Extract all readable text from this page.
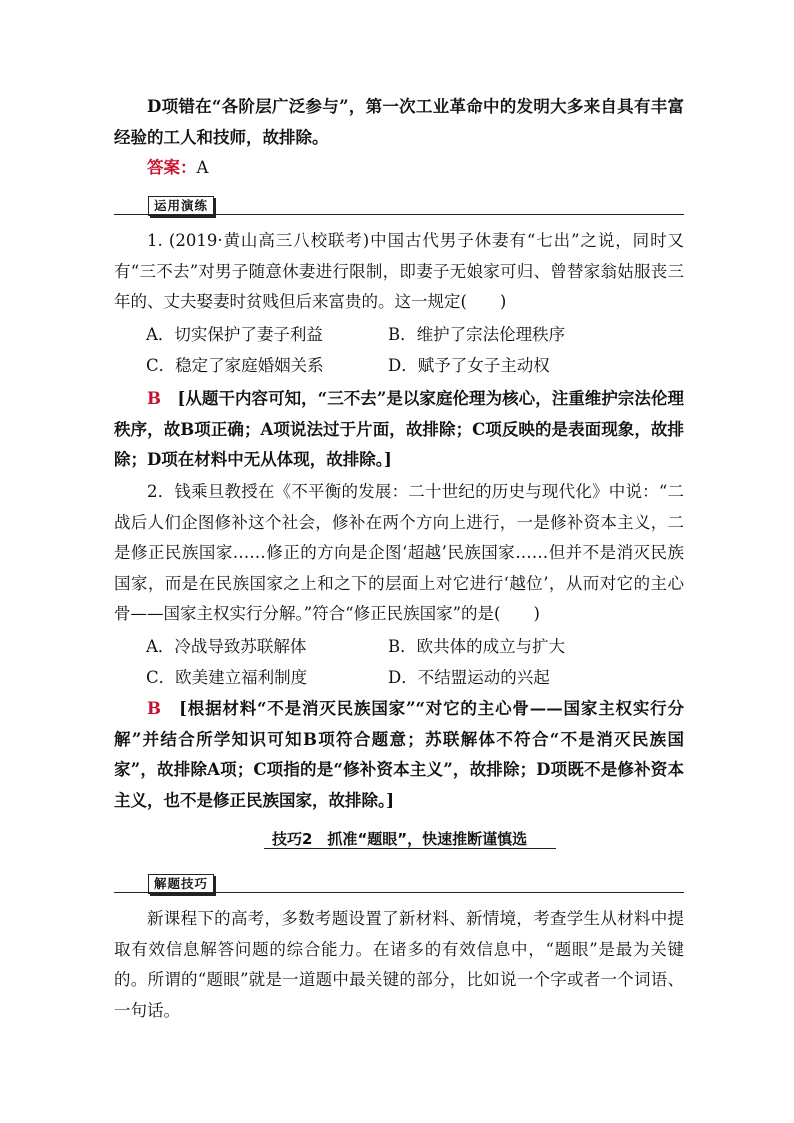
D项错在“各阶层广泛参与”，第一次工业革命中的发明大多来自具有丰富经验的工人和技师，故排除。

答案：A

运用演练

1. (2019·黄山高三八校联考)中国古代男子休妻有“七出”之说，同时又有“三不去”对男子随意休妻进行限制，即妻子无娘家可归、曾替家翁姑服丧三年的、丈夫娶妻时贫贱但后来富贵的。这一规定(　　)

A．切实保护了妻子利益	B．维护了宗法伦理秩序
C．稳定了家庭婚姻关系	D．赋予了女子主动权

B　 [从题干内容可知，“三不去”是以家庭伦理为核心，注重维护宗法伦理秩序，故B项正确；A项说法过于片面，故排除；C项反映的是表面现象，故排除；D项在材料中无从体现，故排除。]

2．钱乘旦教授在《不平衡的发展：二十世纪的历史与现代化》中说：“二战后人们企图修补这个社会，修补在两个方向上进行，一是修补资本主义，二是修正民族国家……修正的方向是企图‘超越’民族国家……但并不是消灭民族国家，而是在民族国家之上和之下的层面上对它进行‘越位’，从而对它的主心骨——国家主权实行分解。”符合“修正民族国家”的是(　　)

A．冷战导致苏联解体	B．欧共体的成立与扩大
C．欧美建立福利制度	D．不结盟运动的兴起

B　 [根据材料“不是消灭民族国家”“对它的主心骨——国家主权实行分解”并结合所学知识可知B项符合题意；苏联解体不符合“不是消灭民族国家”，故排除A项；C项指的是“修补资本主义”，故排除；D项既不是修补资本主义，也不是修正民族国家，故排除。]

技巧2　抓准“题眼”，快速推断谨慎选
解题技巧

新课程下的高考，多数考题设置了新材料、新情境，考查学生从材料中提取有效信息解答问题的综合能力。在诸多的有效信息中，“题眼”是最为关键的。所谓的“题眼”就是一道题中最关键的部分，比如说一个字或者一个词语、一句话。
